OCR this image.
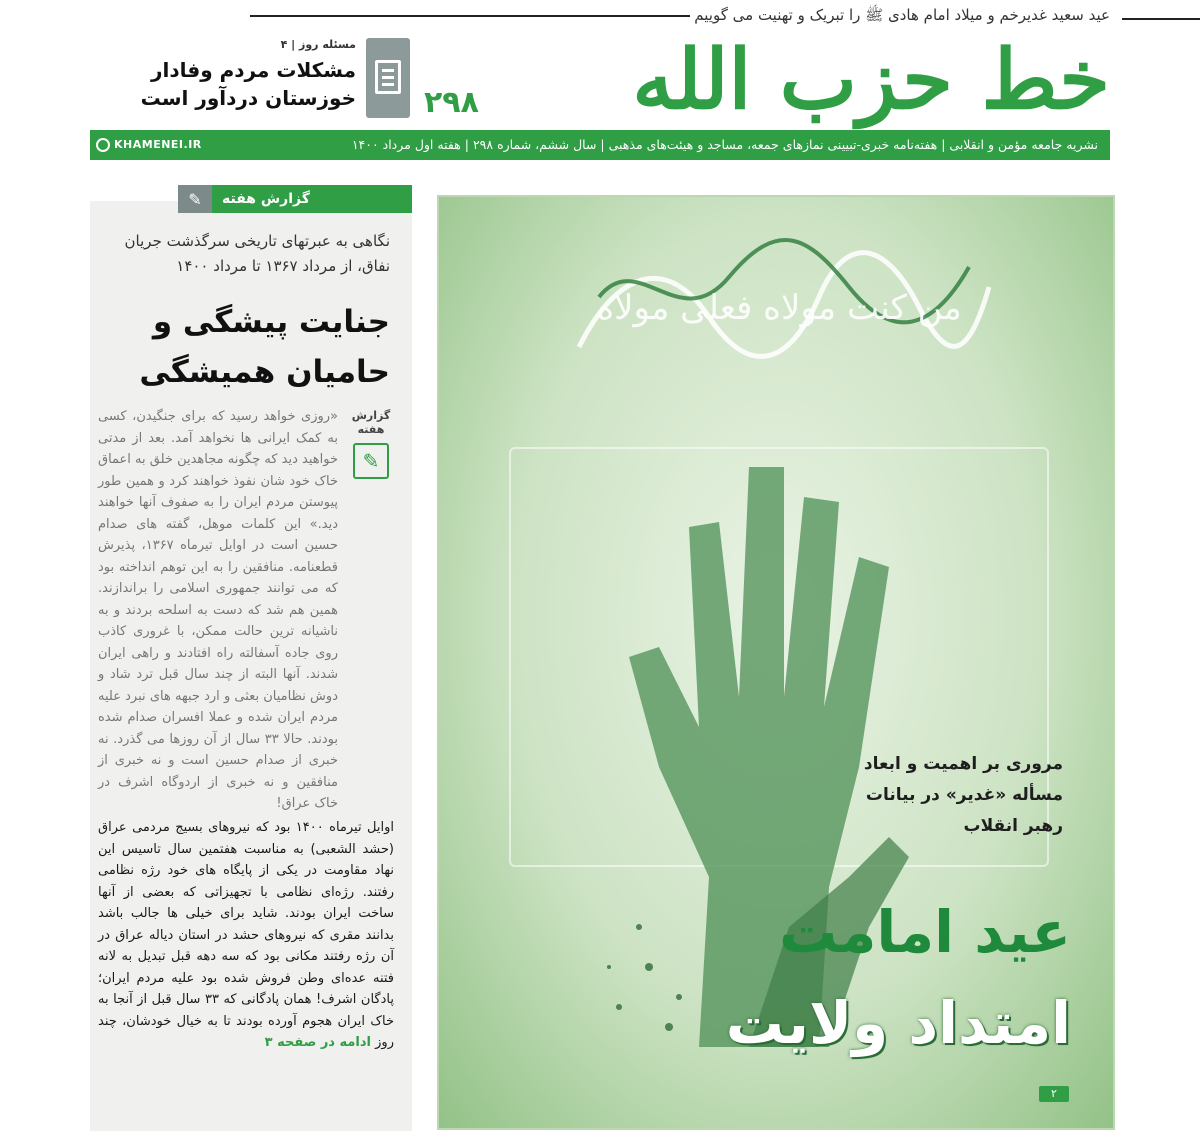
عید سعید غدیرخم و میلاد امام هادی ﷺ را تبریک و تهنیت می گوییم
خط حزب الله
۲۹۸
مسئله روز | ۴
مشکلات مردم وفادار خوزستان دردآور است
نشریه جامعه مؤمن و انقلابی | هفته‌نامه خبری-تبیینی نمازهای جمعه، مساجد و هیئت‌های مذهبی | سال ششم، شماره ۲۹۸ | هفته اول مرداد ۱۴۰۰
KHAMENEI.IR
نگاهی به عبرتهای تاریخی سرگذشت جریان نفاق، از مرداد ۱۳۶۷ تا مرداد ۱۴۰۰
جنایت پیشگی و حامیان همیشگی
گزارش هفته
✎
«روزی خواهد رسید که برای جنگیدن، کسی به کمک ایرانی ها نخواهد آمد. بعد از مدتی خواهید دید که چگونه مجاهدین خلق به اعماق خاک خود شان نفوذ خواهند کرد و همین طور پیوستن مردم ایران را به صفوف آنها خواهند دید.» این کلمات موهل، گفته های صدام حسین است در اوایل تیرماه ۱۳۶۷، پذیرش قطعنامه. منافقین را به این توهم انداخته بود که می توانند جمهوری اسلامی را براندازند. همین هم شد که دست به اسلحه بردند و به ناشیانه ترین حالت ممکن، با غروری کاذب روی جاده آسفالته راه افتادند و راهی ایران شدند. آنها البته از چند سال قبل ترد شاد و دوش نظامیان بعثی و ارد جبهه های نبرد علیه مردم ایران شده و عملا افسران صدام شده بودند. حالا ۳۳ سال از آن روزها می گذرد. نه خبری از صدام حسین است و نه خبری از منافقین و نه خبری از اردوگاه اشرف در خاک عراق!
اوایل تیرماه ۱۴۰۰ بود که نیروهای بسیج مردمی عراق (حشد الشعبی) به مناسبت هفتمین سال تاسیس این نهاد مقاومت در یکی از پایگاه های خود رژه نظامی رفتند. رژه‌ای نظامی با تجهیزاتی که بعضی از آنها ساخت ایران بودند. شاید برای خیلی ها جالب باشد بدانند مقری که نیروهای حشد در استان دیاله عراق در آن رژه رفتند مکانی بود که سه دهه قبل تبدیل به لانه فتنه عده‌ای وطن فروش شده بود علیه مردم ایران؛ پادگان اشرف! همان پادگانی که ۳۳ سال قبل از آنجا به خاک ایران هجوم آورده بودند تا به خیال خودشان، چند روز ادامه در صفحه ۳
گزارش هفته
✎
من کنت مولاه فعلی مولاه
مروری بر اهمیت و ابعاد مسأله «غدیر» در بیانات رهبر انقلاب
عید امامت
امتداد ولایت
۲
